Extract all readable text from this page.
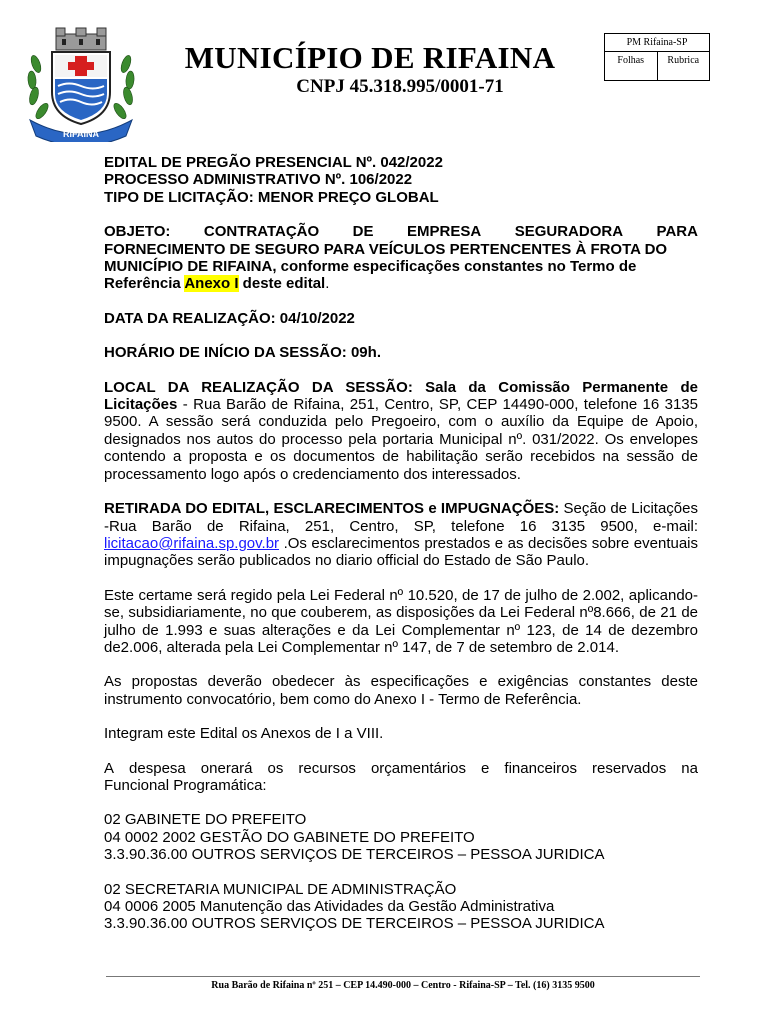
RIFAINA
MUNICÍPIO DE RIFAINA
CNPJ 45.318.995/0001-71
PM Rifaina-SP
Folhas	Rubrica

EDITAL DE PREGÃO PRESENCIAL Nº. 042/2022

PROCESSO ADMINISTRATIVO Nº. 106/2022

TIPO DE LICITAÇÃO: MENOR PREÇO GLOBAL

OBJETO: CONTRATAÇÃO DE EMPRESA SEGURADORA PARA

FORNECIMENTO DE SEGURO PARA VEÍCULOS PERTENCENTES À FROTA DO

MUNICÍPIO DE RIFAINA, conforme especificações constantes no Termo de

Referência Anexo I deste edital.

DATA DA REALIZAÇÃO: 04/10/2022

HORÁRIO DE INÍCIO DA SESSÃO: 09h.

LOCAL DA REALIZAÇÃO DA SESSÃO: Sala da Comissão Permanente de Licitações - Rua Barão de Rifaina, 251, Centro, SP, CEP 14490-000, telefone 16 3135 9500. A sessão será conduzida pelo Pregoeiro, com o auxílio da Equipe de Apoio, designados nos autos do processo pela portaria Municipal nº. 031/2022. Os envelopes contendo a proposta e os documentos de habilitação serão recebidos na sessão de processamento logo após o credenciamento dos interessados.

RETIRADA DO EDITAL, ESCLARECIMENTOS e IMPUGNAÇÕES: Seção de Licitações -Rua Barão de Rifaina, 251, Centro, SP, telefone 16 3135 9500, e-mail: licitacao@rifaina.sp.gov.br .Os esclarecimentos prestados e as decisões sobre eventuais impugnações serão publicados no diario official do Estado de São Paulo.

Este certame será regido pela Lei Federal nº 10.520, de 17 de julho de 2.002, aplicando-se, subsidiariamente, no que couberem, as disposições da Lei Federal nº8.666, de 21 de julho de 1.993 e suas alterações e da Lei Complementar nº 123, de 14 de dezembro de2.006, alterada pela Lei Complementar nº 147, de 7 de setembro de 2.014.

As propostas deverão obedecer às especificações e exigências constantes deste instrumento convocatório, bem como do Anexo I - Termo de Referência.

Integram este Edital os Anexos de I a VIII.

A despesa onerará os recursos orçamentários e financeiros reservados na

Funcional Programática:

02 GABINETE DO PREFEITO

04 0002 2002 GESTÃO DO GABINETE DO PREFEITO

3.3.90.36.00 OUTROS SERVIÇOS DE TERCEIROS – PESSOA JURIDICA

02 SECRETARIA MUNICIPAL DE ADMINISTRAÇÃO

04 0006 2005 Manutenção das Atividades da Gestão Administrativa

3.3.90.36.00 OUTROS SERVIÇOS DE TERCEIROS – PESSOA JURIDICA

Rua Barão de Rifaina nº 251 – CEP 14.490-000 – Centro - Rifaina-SP – Tel. (16) 3135 9500
